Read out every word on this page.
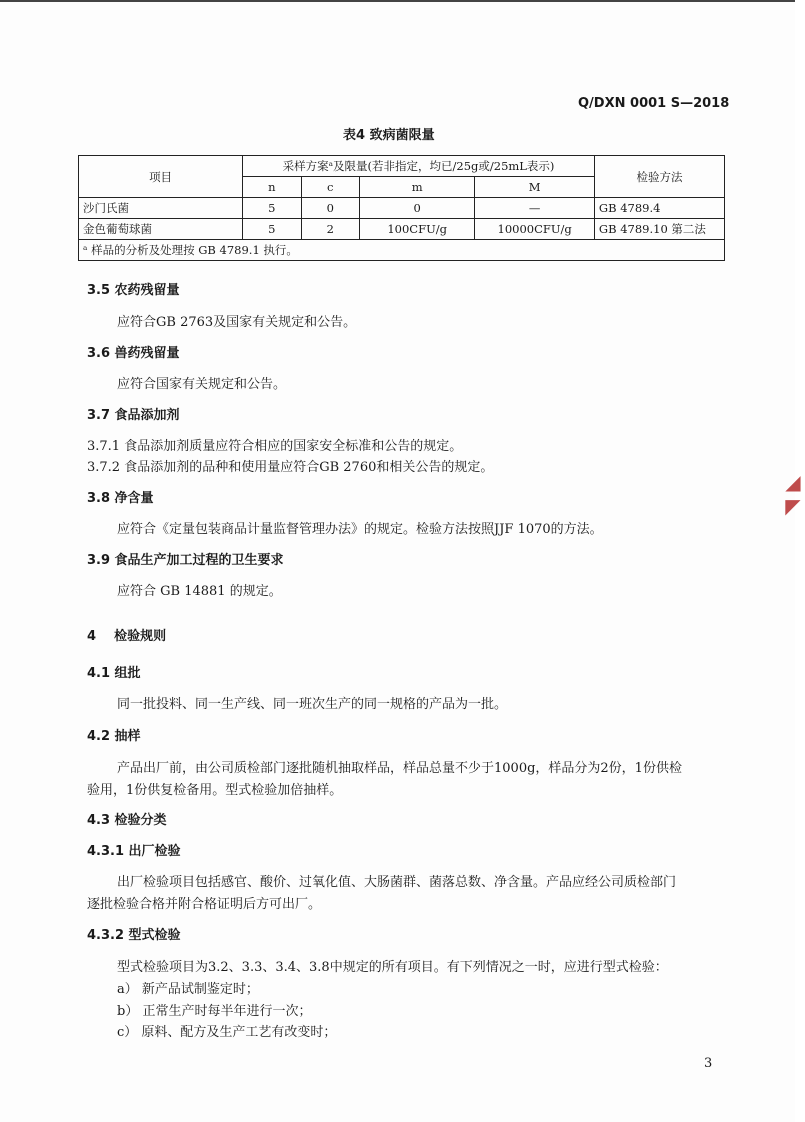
Q/DXN 0001 S—2018
表4 致病菌限量
项目	采样方案ᵃ及限量(若非指定，均已/25g或/25mL表示)				检验方法
	n	c	m	M	
沙门氏菌	5	0	0	—	GB 4789.4
金色葡萄球菌	5	2	100CFU/g	10000CFU/g	GB 4789.10 第二法
ᵃ 样品的分析及处理按 GB 4789.1 执行。					
3.5 农药残留量
应符合GB 2763及国家有关规定和公告。
3.6 兽药残留量
应符合国家有关规定和公告。
3.7 食品添加剂
3.7.1 食品添加剂质量应符合相应的国家安全标准和公告的规定。
3.7.2 食品添加剂的品种和使用量应符合GB 2760和相关公告的规定。
3.8 净含量
应符合《定量包装商品计量监督管理办法》的规定。检验方法按照JJF 1070的方法。
3.9 食品生产加工过程的卫生要求
应符合 GB 14881 的规定。
4    检验规则
4.1 组批
同一批投料、同一生产线、同一班次生产的同一规格的产品为一批。
4.2 抽样
产品出厂前，由公司质检部门逐批随机抽取样品，样品总量不少于1000g，样品分为2份，1份供检
验用，1份供复检备用。型式检验加倍抽样。
4.3 检验分类
4.3.1 出厂检验
出厂检验项目包括感官、酸价、过氧化值、大肠菌群、菌落总数、净含量。产品应经公司质检部门
逐批检验合格并附合格证明后方可出厂。
4.3.2 型式检验
型式检验项目为3.2、3.3、3.4、3.8中规定的所有项目。有下列情况之一时，应进行型式检验：
a） 新产品试制鉴定时；
b） 正常生产时每半年进行一次；
c） 原料、配方及生产工艺有改变时；
3
◢◤
